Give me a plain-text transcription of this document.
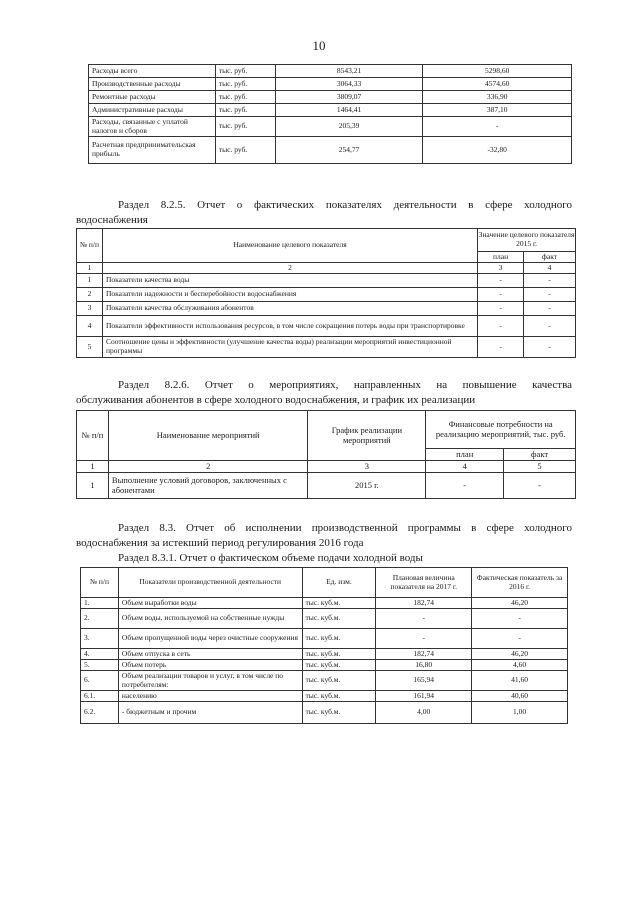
10
Расходы всего	тыс. руб.	8543,21	5298,60
Производственные расходы	тыс. руб.	3064,33	4574,60
Ремонтные расходы	тыс. руб.	3809,07	336,90
Административные расходы	тыс. руб.	1464,41	387,10
Расходы, связанные с уплатой налогов и сборов	тыс. руб.	205,39	-
Расчетная предпринимательская прибыль	тыс. руб.	254,77	-32,80
Раздел 8.2.5. Отчет о фактических показателях деятельности в сфере холодного
водоснабжения
№ п/п	Наименование целевого показателя	Значение целевого показателя 2015 г.	
		план	факт
1	2	3	4
1	Показатели качества воды	-	-
2	Показатели надежности и бесперебойности водоснабжения	-	-
3	Показатели качества обслуживания абонентов	-	-
4	Показатели эффективности использования ресурсов, в том числе сокращения потерь воды при транспортировке	-	-
5	Соотношение цены и эффективности (улучшение качества воды) реализации мероприятий инвестиционной программы	-	-
Раздел 8.2.6. Отчет о мероприятиях, направленных на повышение качества
обслуживания абонентов в сфере холодного водоснабжения, и график их реализации
№ п/п	Наименование мероприятий	График реализации мероприятий	Финансовые потребности на реализацию мероприятий, тыс. руб.	
			план	факт
1	2	3	4	5
1	Выполнение условий договоров, заключенных с абонентами	2015 г.	-	-
Раздел 8.3. Отчет об исполнении производственной программы в сфере холодного
водоснабжения за истекший период регулирования 2016 года
Раздел 8.3.1. Отчет о фактическом объеме подачи холодной воды
№ п/п	Показатели производственной деятельности	Ед. изм.	Плановая величина показателя на 2017 г.	Фактическая показатель за 2016 г.
1.	Объем выработки воды	тыс. куб.м.	182,74	46,20
2.	Объем воды, используемой на собственные нужды	тыс. куб.м.	-	-
3.	Объем пропущенной воды через очистные сооружения	тыс. куб.м.	-	-
4.	Объем отпуска в сеть	тыс. куб.м.	182,74	46,20
5.	Объем потерь	тыс. куб.м.	16,80	4,60
6.	Объем реализации товаров и услуг, в том числе по потребителям:	тыс. куб.м.	165,94	41,60
6.1.	населению	тыс. куб.м.	161,94	40,60
6.2.	- бюджетным и прочим	тыс. куб.м.	4,00	1,00
